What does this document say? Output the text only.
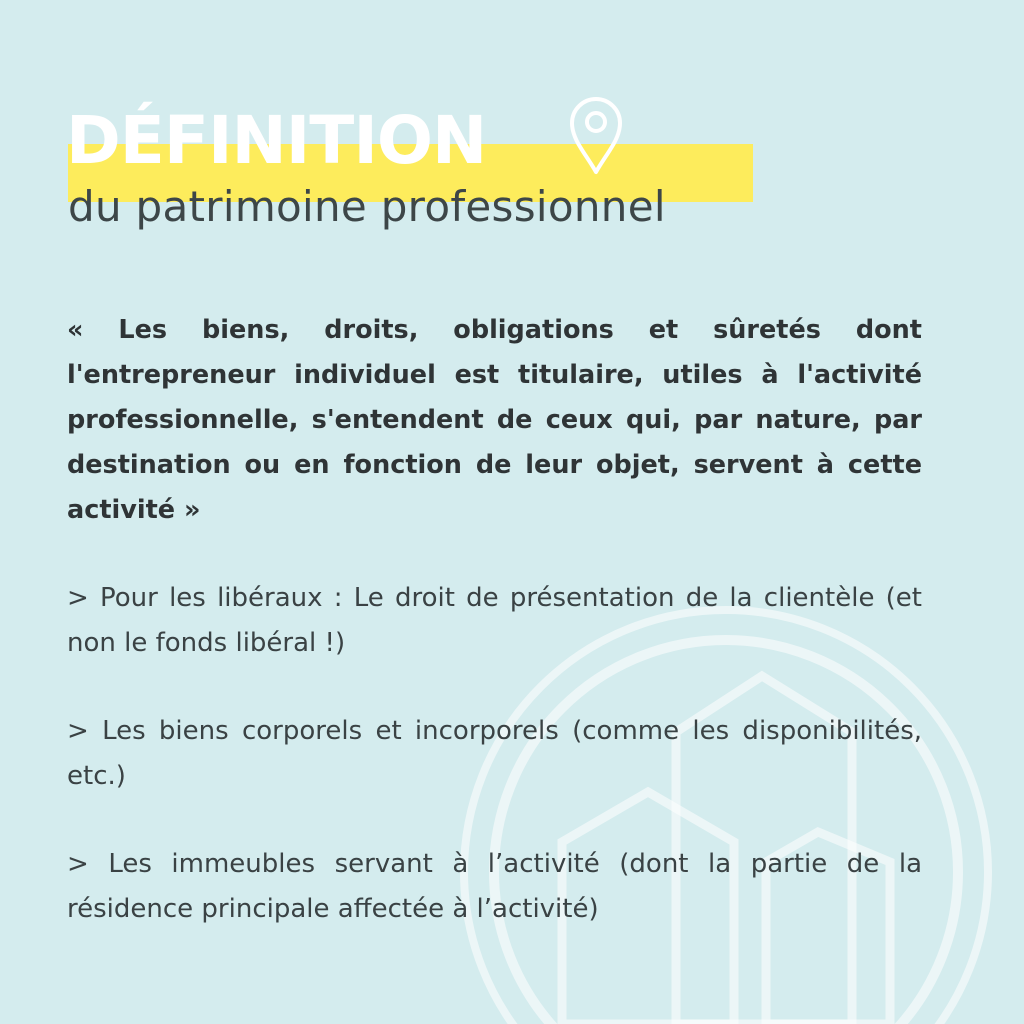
DÉFINITION
du patrimoine professionnel

« Les biens, droits, obligations et sûretés dont l'entrepreneur individuel est titulaire, utiles à l'activité professionnelle, s'entendent de ceux qui, par nature, par destination ou en fonction de leur objet, servent à cette activité »

> Pour les libéraux : Le droit de présentation de la clientèle (et non le fonds libéral !)

> Les biens corporels et incorporels (comme les disponibilités, etc.)

> Les immeubles servant à l’activité (dont la partie de la résidence principale affectée à l’activité)
